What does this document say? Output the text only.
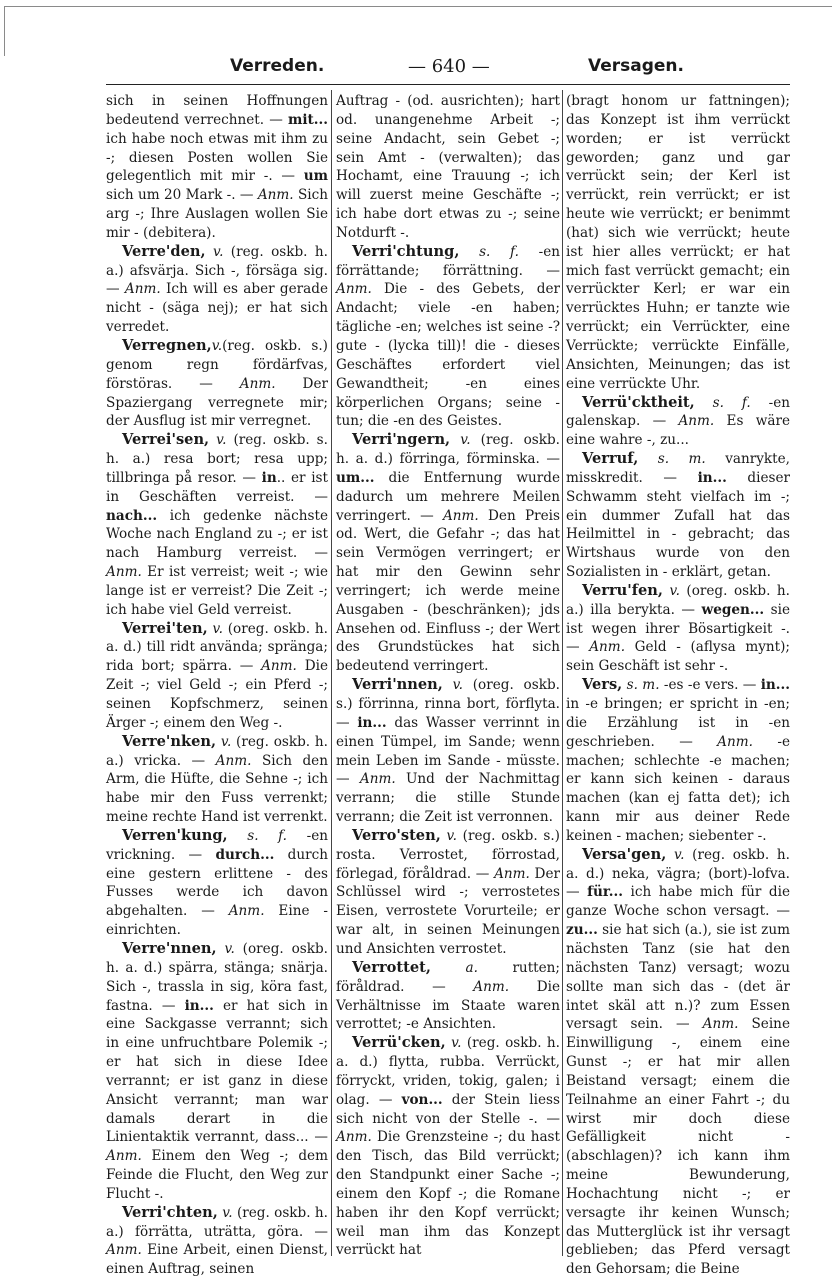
Verreden.	— 640 —	Versagen.

sich in seinen Hoffnungen bedeutend verrechnet. — mit... ich habe noch etwas mit ihm zu -; diesen Posten wollen Sie gelegentlich mit mir -. — um sich um 20 Mark -. — Anm. Sich arg -; Ihre Auslagen wollen Sie mir - (debitera).

Verre'den, v. (reg. oskb. h. a.) afsvärja. Sich -, försäga sig. — Anm. Ich will es aber gerade nicht - (säga nej); er hat sich verredet.

Verregnen,v.(reg. oskb. s.) genom regn fördärfvas, förstöras. — Anm. Der Spaziergang verregnete mir; der Ausflug ist mir verregnet.

Verrei'sen, v. (reg. oskb. s. h. a.) resa bort; resa upp; tillbringa på resor. — in.. er ist in Geschäften verreist. — nach... ich gedenke nächste Woche nach England zu -; er ist nach Hamburg verreist. — Anm. Er ist verreist; weit -; wie lange ist er verreist? Die Zeit -; ich habe viel Geld verreist.

Verrei'ten, v. (oreg. oskb. h. a. d.) till ridt använda; spränga; rida bort; spärra. — Anm. Die Zeit -; viel Geld -; ein Pferd -; seinen Kopfschmerz, seinen Ärger -; einem den Weg -.

Verre'nken, v. (reg. oskb. h. a.) vricka. — Anm. Sich den Arm, die Hüfte, die Sehne -; ich habe mir den Fuss verrenkt; meine rechte Hand ist verrenkt.

Verren'kung, s. f. -en vrickning. — durch... durch eine gestern erlittene - des Fusses werde ich davon abgehalten. — Anm. Eine - einrichten.

Verre'nnen, v. (oreg. oskb. h. a. d.) spärra, stänga; snärja. Sich -, trassla in sig, köra fast, fastna. — in... er hat sich in eine Sackgasse verrannt; sich in eine unfruchtbare Polemik -; er hat sich in diese Idee verrannt; er ist ganz in diese Ansicht verrannt; man war damals derart in die Linientaktik verrannt, dass... — Anm. Einem den Weg -; dem Feinde die Flucht, den Weg zur Flucht -.

Verri'chten, v. (reg. oskb. h. a.) förrätta, uträtta, göra. — Anm. Eine Arbeit, einen Dienst, einen Auftrag, seinen

Auftrag - (od. ausrichten); hart od. unangenehme Arbeit -; seine Andacht, sein Gebet -; sein Amt - (verwalten); das Hochamt, eine Trauung -; ich will zuerst meine Geschäfte -; ich habe dort etwas zu -; seine Notdurft -.

Verri'chtung, s. f. -en förrättande; förrättning. — Anm. Die - des Gebets, der Andacht; viele -en haben; tägliche -en; welches ist seine -? gute - (lycka till)! die - dieses Geschäftes erfordert viel Gewandtheit; -en eines körperlichen Organs; seine - tun; die -en des Geistes.

Verri'ngern, v. (reg. oskb. h. a. d.) förringa, förminska. — um... die Entfernung wurde dadurch um mehrere Meilen verringert. — Anm. Den Preis od. Wert, die Gefahr -; das hat sein Vermögen verringert; er hat mir den Gewinn sehr verringert; ich werde meine Ausgaben - (beschränken); jds Ansehen od. Einfluss -; der Wert des Grundstückes hat sich bedeutend verringert.

Verri'nnen, v. (oreg. oskb. s.) förrinna, rinna bort, förflyta. — in... das Wasser verrinnt in einen Tümpel, im Sande; wenn mein Leben im Sande - müsste. — Anm. Und der Nachmittag verrann; die stille Stunde verrann; die Zeit ist verronnen.

Verro'sten, v. (reg. oskb. s.) rosta. Verrostet, förrostad, förlegad, föråldrad. — Anm. Der Schlüssel wird -; verrostetes Eisen, verrostete Vorurteile; er war alt, in seinen Meinungen und Ansichten verrostet.

Verrottet, a. rutten; föråldrad. — Anm. Die Verhältnisse im Staate waren verrottet; -e Ansichten.

Verrü'cken, v. (reg. oskb. h. a. d.) flytta, rubba. Verrückt, förryckt, vriden, tokig, galen; i olag. — von... der Stein liess sich nicht von der Stelle -. — Anm. Die Grenzsteine -; du hast den Tisch, das Bild verrückt; den Standpunkt einer Sache -; einem den Kopf -; die Romane haben ihr den Kopf verrückt; weil man ihm das Konzept verrückt hat

(bragt honom ur fattningen); das Konzept ist ihm verrückt worden; er ist verrückt geworden; ganz und gar verrückt sein; der Kerl ist verrückt, rein verrückt; er ist heute wie verrückt; er benimmt (hat) sich wie verrückt; heute ist hier alles verrückt; er hat mich fast verrückt gemacht; ein verrückter Kerl; er war ein verrücktes Huhn; er tanzte wie verrückt; ein Verrückter, eine Verrückte; verrückte Einfälle, Ansichten, Meinungen; das ist eine verrückte Uhr.

Verrü'cktheit, s. f. -en galenskap. — Anm. Es wäre eine wahre -, zu...

Verruf, s. m. vanrykte, misskredit. — in... dieser Schwamm steht vielfach im -; ein dummer Zufall hat das Heilmittel in - gebracht; das Wirtshaus wurde von den Sozialisten in - erklärt, getan.

Verru'fen, v. (oreg. oskb. h. a.) illa berykta. — wegen... sie ist wegen ihrer Bösartigkeit -. — Anm. Geld - (aflysa mynt); sein Geschäft ist sehr -.

Vers, s. m. -es -e vers. — in... in -e bringen; er spricht in -en; die Erzählung ist in -en geschrieben. — Anm. -e machen; schlechte -e machen; er kann sich keinen - daraus machen (kan ej fatta det); ich kann mir aus deiner Rede keinen - machen; siebenter -.

Versa'gen, v. (reg. oskb. h. a. d.) neka, vägra; (bort)-lofva. — für... ich habe mich für die ganze Woche schon versagt. — zu... sie hat sich (a.), sie ist zum nächsten Tanz (sie hat den nächsten Tanz) versagt; wozu sollte man sich das - (det är intet skäl att n.)? zum Essen versagt sein. — Anm. Seine Einwilligung -, einem eine Gunst -; er hat mir allen Beistand versagt; einem die Teilnahme an einer Fahrt -; du wirst mir doch diese Gefälligkeit nicht - (abschlagen)? ich kann ihm meine Bewunderung, Hochachtung nicht -; er versagte ihr keinen Wunsch; das Mutterglück ist ihr versagt geblieben; das Pferd versagt den Gehorsam; die Beine
